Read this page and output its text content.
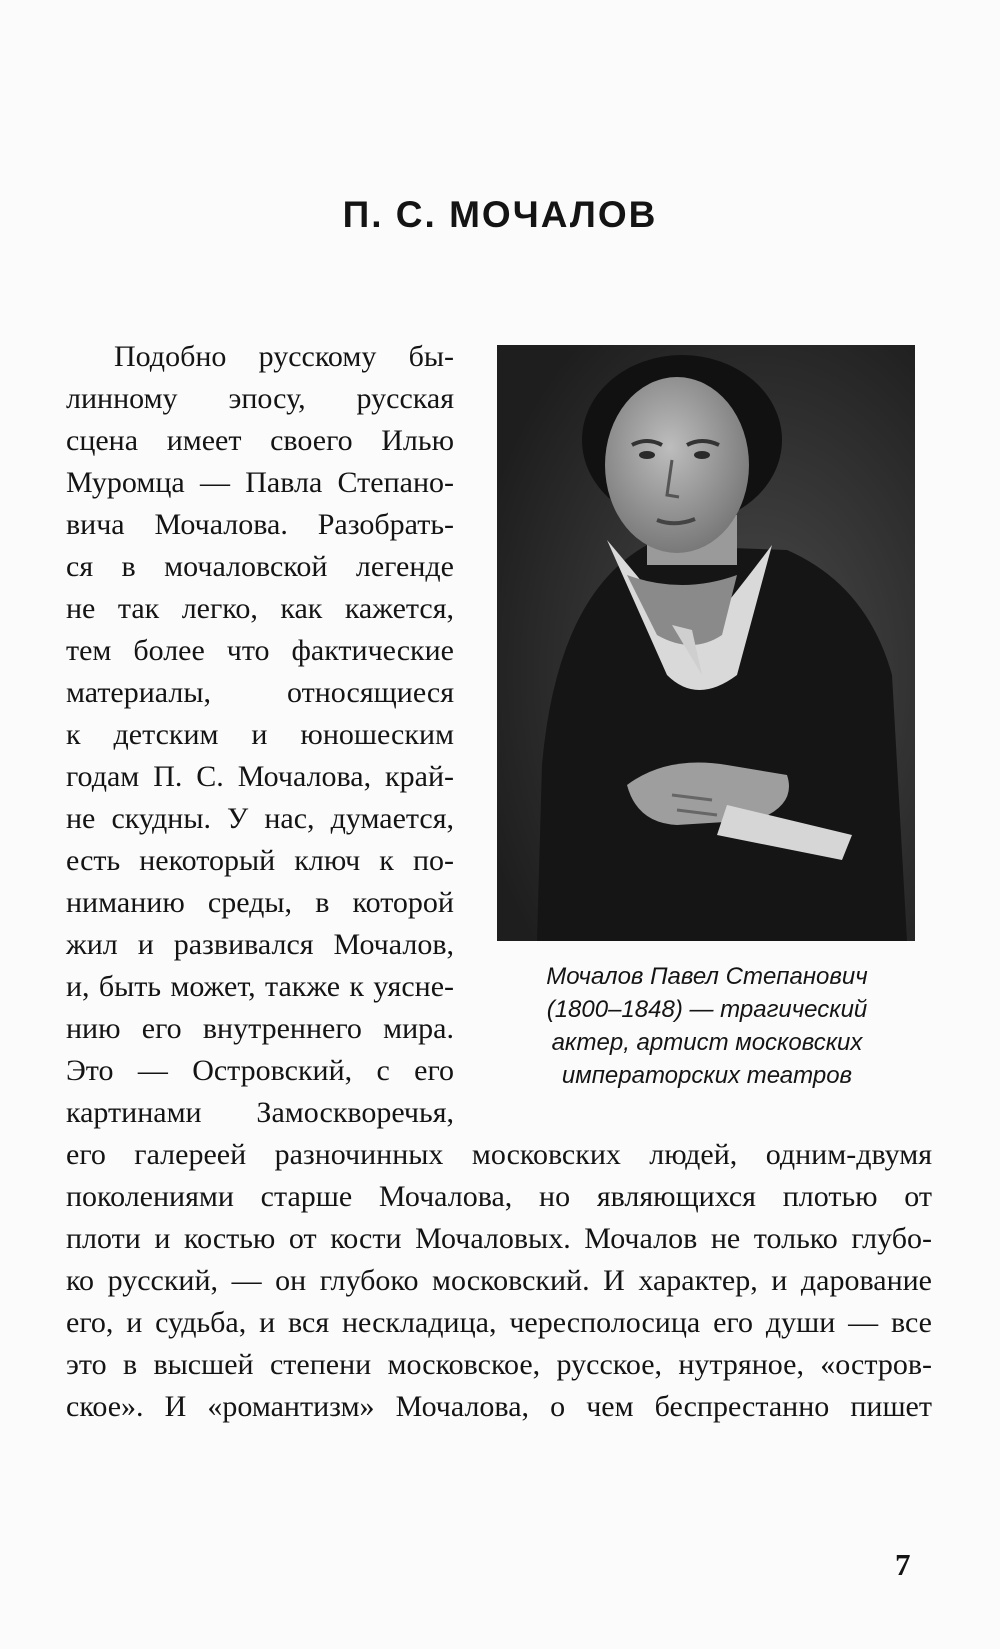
П. С. МОЧАЛОВ

Подобно русскому бы-

линному эпосу, русская

сцена имеет своего Илью

Муромца — Павла Степано-

вича Мочалова. Разобрать-

ся в мочаловской легенде

не так легко, как кажется,

тем более что фактические

материалы, относящиеся

к детским и юношеским

годам П. С. Мочалова, край-

не скудны. У нас, думается,

есть некоторый ключ к по-

ниманию среды, в которой

жил и развивался Мочалов,

и, быть может, также к уясне-

нию его внутреннего мира.

Это — Островский, с его

картинами Замоскворечья,

его галереей разночинных московских людей, одним-двумя

поколениями старше Мочалова, но являющихся плотью от

плоти и костью от кости Мочаловых. Мочалов не только глубо-

ко русский, — он глубоко московский. И характер, и дарование

его, и судьба, и вся нескладица, чересполосица его души — все

это в высшей степени московское, русское, нутряное, «остров-

ское». И «романтизм» Мочалова, о чем беспрестанно пишет

Мочалов Павел Степанович
(1800–1848) — трагический
актер, артист московских
императорских театров

7
